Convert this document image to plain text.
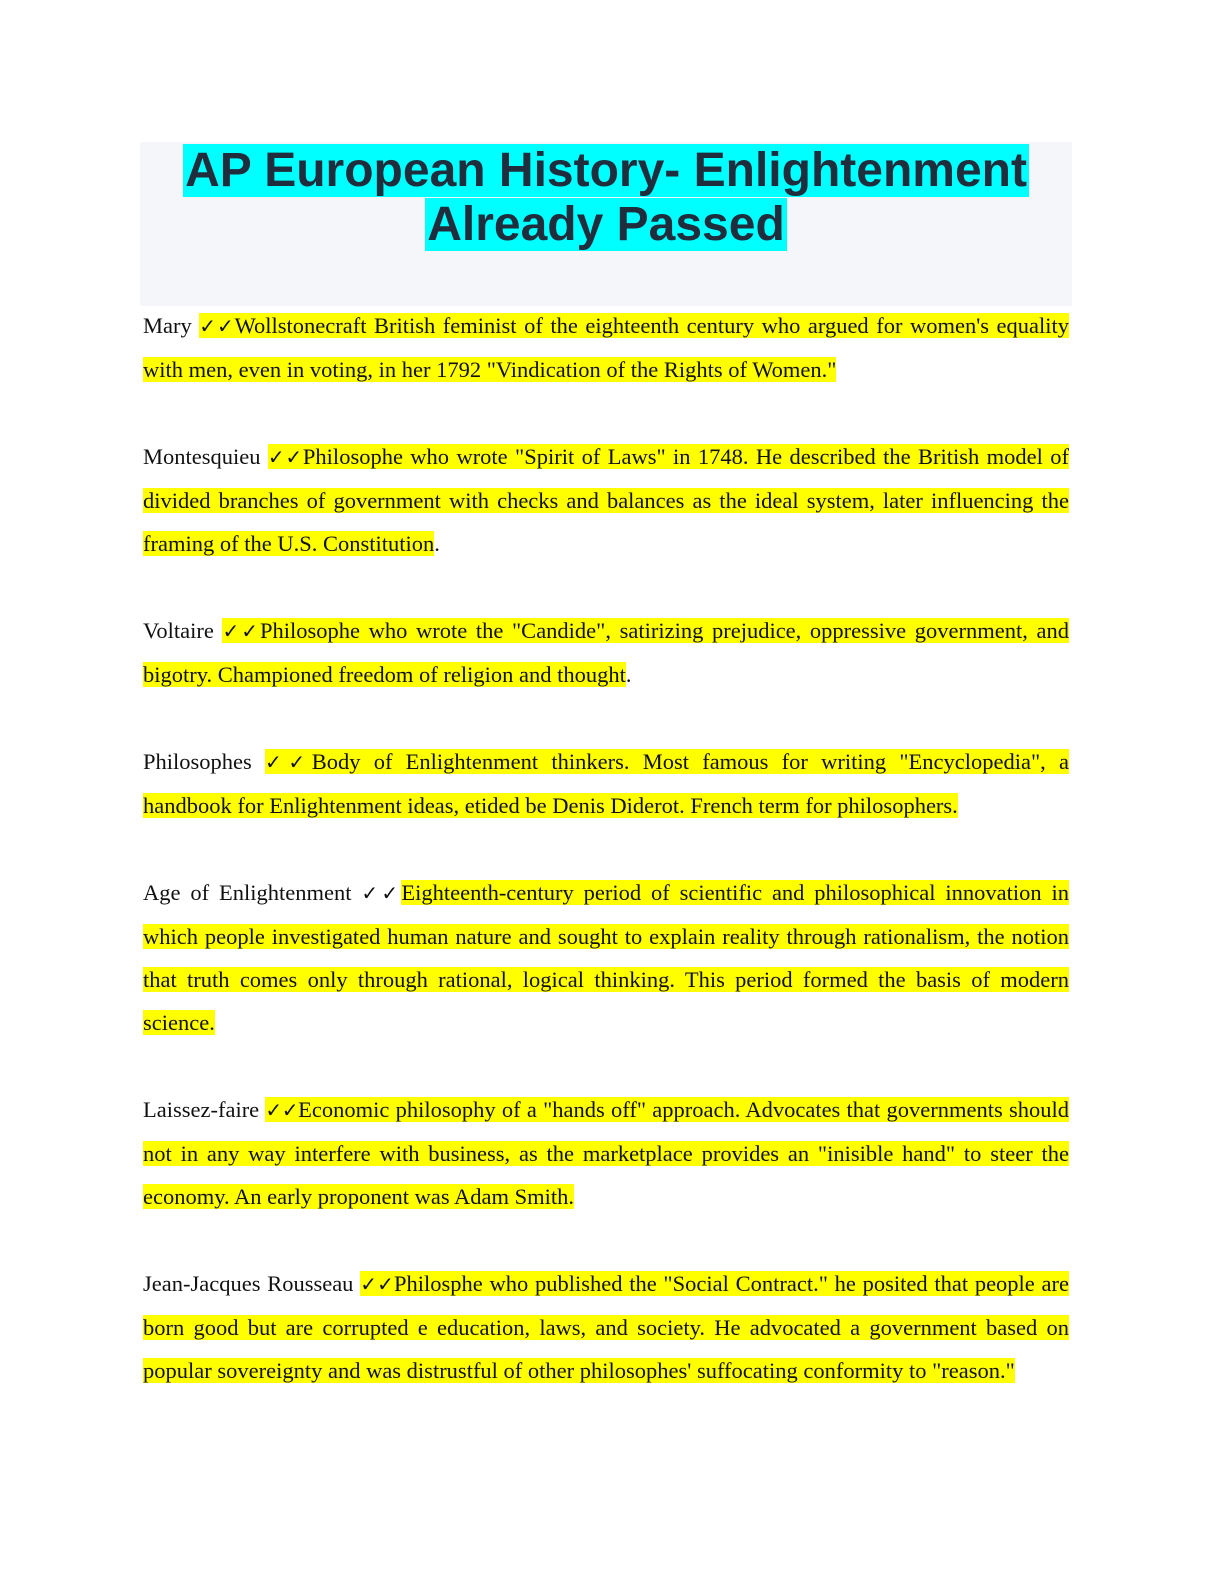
AP European History- Enlightenment
Already Passed

Mary ✓✓Wollstonecraft British feminist of the eighteenth century who argued for women's equality with men, even in voting, in her 1792 "Vindication of the Rights of Women."

Montesquieu ✓✓Philosophe who wrote "Spirit of Laws" in 1748. He described the British model of divided branches of government with checks and balances as the ideal system, later influencing the framing of the U.S. Constitution.

Voltaire ✓✓Philosophe who wrote the "Candide", satirizing prejudice, oppressive government, and bigotry. Championed freedom of religion and thought.

Philosophes ✓✓Body of Enlightenment thinkers. Most famous for writing "Encyclopedia", a handbook for Enlightenment ideas, etided be Denis Diderot. French term for philosophers.

Age of Enlightenment ✓✓Eighteenth-century period of scientific and philosophical innovation in which people investigated human nature and sought to explain reality through rationalism, the notion that truth comes only through rational, logical thinking. This period formed the basis of modern science.

Laissez-faire ✓✓Economic philosophy of a "hands off" approach. Advocates that governments should not in any way interfere with business, as the marketplace provides an "inisible hand" to steer the economy. An early proponent was Adam Smith.

Jean-Jacques Rousseau ✓✓Philosphe who published the "Social Contract." he posited that people are born good but are corrupted e education, laws, and society. He advocated a government based on popular sovereignty and was distrustful of other philosophes' suffocating conformity to "reason."
